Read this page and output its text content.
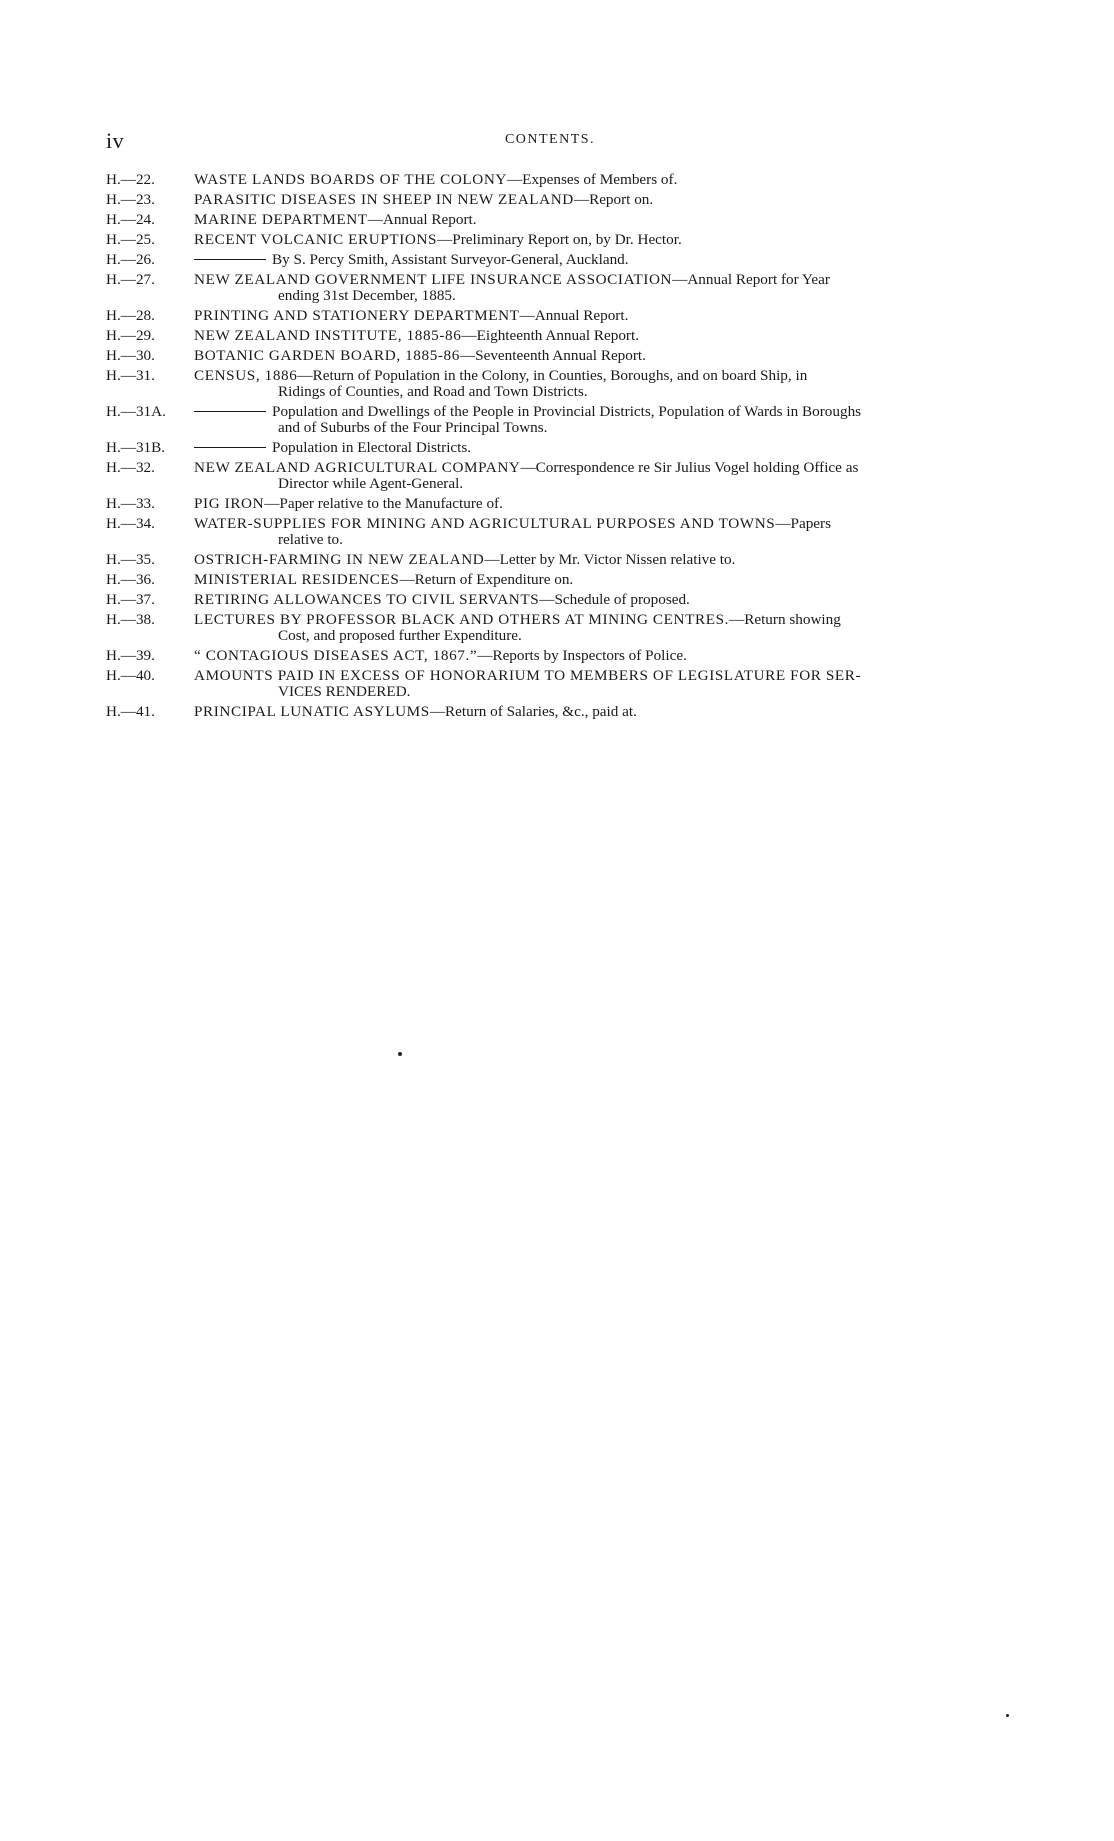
iv	CONTENTS.
H.—22.	WASTE LANDS BOARDS OF THE COLONY—Expenses of Members of.
H.—23.	PARASITIC DISEASES IN SHEEP IN NEW ZEALAND—Report on.
H.—24.	MARINE DEPARTMENT—Annual Report.
H.—25.	RECENT VOLCANIC ERUPTIONS—Preliminary Report on, by Dr. Hector.
H.—26.	By S. Percy Smith, Assistant Surveyor-General, Auckland.
H.—27.	NEW ZEALAND GOVERNMENT LIFE INSURANCE ASSOCIATION—Annual Report for Year
ending 31st December, 1885.
H.—28.	PRINTING AND STATIONERY DEPARTMENT—Annual Report.
H.—29.	NEW ZEALAND INSTITUTE, 1885-86—Eighteenth Annual Report.
H.—30.	BOTANIC GARDEN BOARD, 1885-86—Seventeenth Annual Report.
H.—31.	CENSUS, 1886—Return of Population in the Colony, in Counties, Boroughs, and on board Ship, in
Ridings of Counties, and Road and Town Districts.
H.—31A.	Population and Dwellings of the People in Provincial Districts, Population of Wards in Boroughs
and of Suburbs of the Four Principal Towns.
H.—31B.	Population in Electoral Districts.
H.—32.	NEW ZEALAND AGRICULTURAL COMPANY—Correspondence re Sir Julius Vogel holding Office as
Director while Agent-General.
H.—33.	PIG IRON—Paper relative to the Manufacture of.
H.—34.	WATER-SUPPLIES FOR MINING AND AGRICULTURAL PURPOSES AND TOWNS—Papers
relative to.
H.—35.	OSTRICH-FARMING IN NEW ZEALAND—Letter by Mr. Victor Nissen relative to.
H.—36.	MINISTERIAL RESIDENCES—Return of Expenditure on.
H.—37.	RETIRING ALLOWANCES TO CIVIL SERVANTS—Schedule of proposed.
H.—38.	LECTURES BY PROFESSOR BLACK AND OTHERS AT MINING CENTRES.—Return showing
Cost, and proposed further Expenditure.
H.—39.	“ CONTAGIOUS DISEASES ACT, 1867.”—Reports by Inspectors of Police.
H.—40.	AMOUNTS PAID IN EXCESS OF HONORARIUM TO MEMBERS OF LEGISLATURE FOR SER-
VICES RENDERED.
H.—41.	PRINCIPAL LUNATIC ASYLUMS—Return of Salaries, &c., paid at.
